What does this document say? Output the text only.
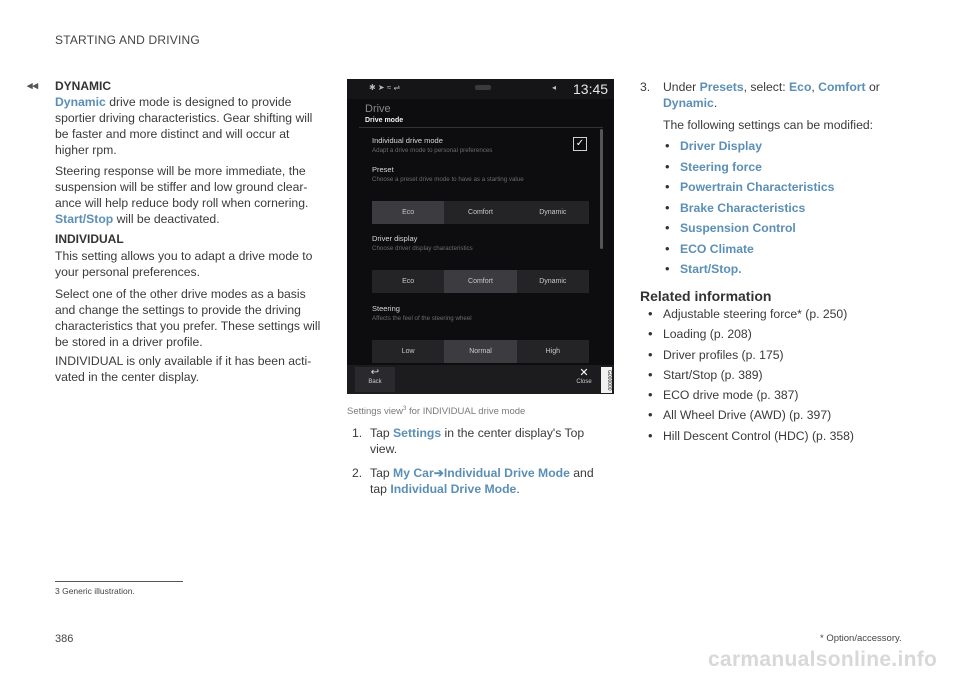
STARTING AND DRIVING
◂◂ DYNAMIC
Dynamic drive mode is designed to provide sportier driving characteristics. Gear shifting will be faster and more distinct and will occur at higher rpm.
Steering response will be more immediate, the suspension will be stiffer and low ground clear-ance will help reduce body roll when cornering.
Start/Stop will be deactivated.
INDIVIDUAL
This setting allows you to adapt a drive mode to your personal preferences.
Select one of the other drive modes as a basis and change the settings to provide the driving characteristics that you prefer. These settings will be stored in a driver profile.
INDIVIDUAL is only available if it has been acti-vated in the center display.
✱ ➤ ≈ ⇌	◂ 13:45
Drive
Drive mode
Individual drive mode
Adapt a drive mode to personal preferences
✓
Preset
Choose a preset drive mode to have as a starting value
Eco	Comfort	Dynamic
Driver display
Choose driver display characteristics
Eco	Comfort	Dynamic
Steering
Affects the feel of the steering wheel
Low	Normal	High
↩
Back
✕
Close	G000000
Settings view$^3$ for INDIVIDUAL drive mode
1. Tap Settings in the center display's Top view.
2. Tap My Car➔Individual Drive Mode and tap Individual Drive Mode.
3. Under Presets, select: Eco, Comfort or Dynamic.
The following settings can be modified:
• Driver Display
• Steering force
• Powertrain Characteristics
• Brake Characteristics
• Suspension Control
• ECO Climate
• Start/Stop.
Related information
• Adjustable steering force* (p. 250)
• Loading (p. 208)
• Driver profiles (p. 175)
• Start/Stop (p. 389)
• ECO drive mode (p. 387)
• All Wheel Drive (AWD) (p. 397)
• Hill Descent Control (HDC) (p. 358)
3 Generic illustration.
386	* Option/accessory.
carmanualsonline.info
